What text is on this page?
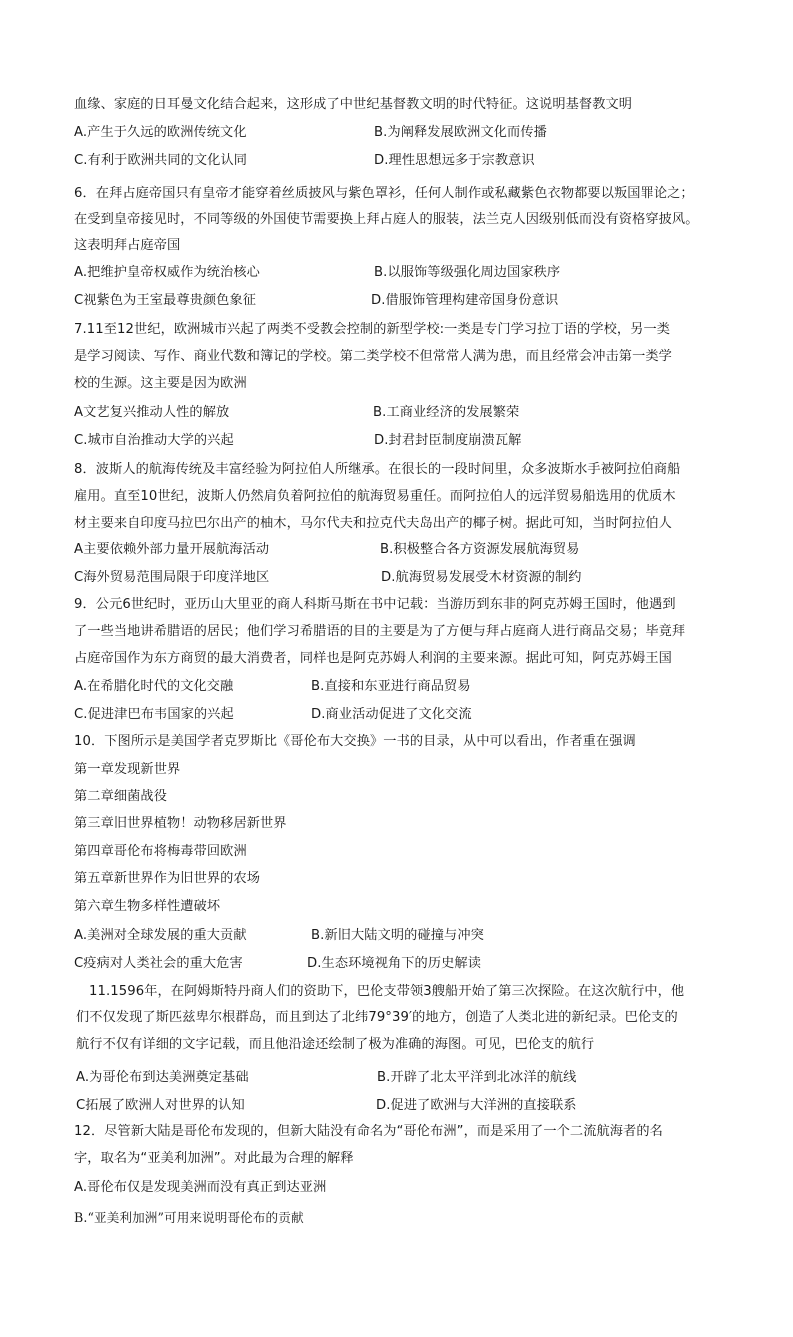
血缘、家庭的日耳曼文化结合起来，这形成了中世纪基督教文明的时代特征。这说明基督教文明
A.产生于久远的欧洲传统文化	B.为阐释发展欧洲文化而传播
C.有利于欧洲共同的文化认同	D.理性思想远多于宗教意识
6．在拜占庭帝国只有皇帝才能穿着丝质披风与紫色罩衫，任何人制作或私藏紫色衣物都要以叛国罪论之；
在受到皇帝接见时，不同等级的外国使节需要换上拜占庭人的服装，法兰克人因级别低而没有资格穿披风。
这表明拜占庭帝国
A.把维护皇帝权威作为统治核心	B.以服饰等级强化周边国家秩序
C视紫色为王室最尊贵颜色象征	D.借服饰管理构建帝国身份意识
7.11至12世纪，欧洲城市兴起了两类不受教会控制的新型学校:一类是专门学习拉丁语的学校，另一类
是学习阅读、写作、商业代数和簿记的学校。第二类学校不但常常人满为患，而且经常会冲击第一类学
校的生源。这主要是因为欧洲
A文艺复兴推动人性的解放	B.工商业经济的发展繁荣
C.城市自治推动大学的兴起	D.封君封臣制度崩溃瓦解
8．波斯人的航海传统及丰富经验为阿拉伯人所继承。在很长的一段时间里，众多波斯水手被阿拉伯商船
雇用。直至10世纪，波斯人仍然肩负着阿拉伯的航海贸易重任。而阿拉伯人的远洋贸易船选用的优质木
材主要来自印度马拉巴尔出产的柚木，马尔代夫和拉克代夫岛出产的椰子树。据此可知，当时阿拉伯人
A主要依赖外部力量开展航海活动	B.积极整合各方资源发展航海贸易
C海外贸易范围局限于印度洋地区	D.航海贸易发展受木材资源的制约
9．公元6世纪时，亚历山大里亚的商人科斯马斯在书中记载：当游历到东非的阿克苏姆王国时，他遇到
了一些当地讲希腊语的居民；他们学习希腊语的目的主要是为了方便与拜占庭商人进行商品交易；毕竟拜
占庭帝国作为东方商贸的最大消费者，同样也是阿克苏姆人利润的主要来源。据此可知，阿克苏姆王国
A.在希腊化时代的文化交融	B.直接和东亚进行商品贸易
C.促进津巴布韦国家的兴起	D.商业活动促进了文化交流
10．下图所示是美国学者克罗斯比《哥伦布大交换》一书的目录，从中可以看出，作者重在强调
第一章发现新世界
第二章细菌战役
第三章旧世界植物！动物移居新世界
第四章哥伦布将梅毒带回欧洲
第五章新世界作为旧世界的农场
第六章生物多样性遭破坏
A.美洲对全球发展的重大贡献	B.新旧大陆文明的碰撞与冲突
C疫病对人类社会的重大危害	D.生态环境视角下的历史解读
11.1596年，在阿姆斯特丹商人们的资助下，巴伦支带领3艘船开始了第三次探险。在这次航行中，他
们不仅发现了斯匹兹卑尔根群岛，而且到达了北纬79°39′的地方，创造了人类北进的新纪录。巴伦支的
航行不仅有详细的文字记载，而且他沿途还绘制了极为准确的海图。可见，巴伦支的航行
A.为哥伦布到达美洲奠定基础	B.开辟了北太平洋到北冰洋的航线
C拓展了欧洲人对世界的认知	D.促进了欧洲与大洋洲的直接联系
12．尽管新大陆是哥伦布发现的，但新大陆没有命名为“哥伦布洲”，而是采用了一个二流航海者的名
字，取名为“亚美利加洲”。对此最为合理的解释
A.哥伦布仅是发现美洲而没有真正到达亚洲
B.“亚美利加洲”可用来说明哥伦布的贡献
